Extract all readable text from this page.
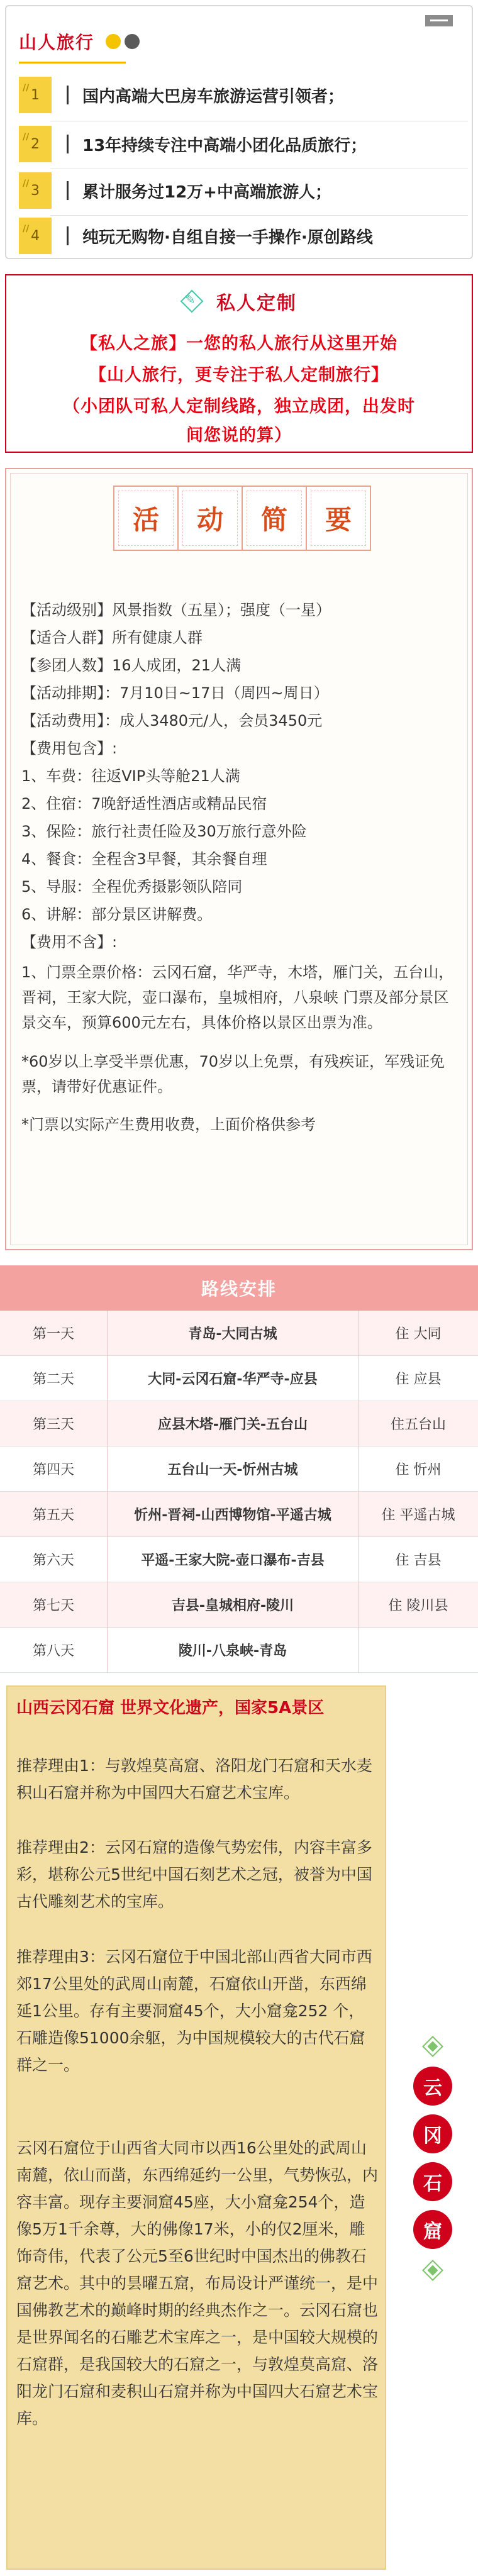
山人旅行
// 1	国内高端大巴房车旅游运营引领者；
// 2	13年持续专注中高端小团化品质旅行；
// 3	累计服务过12万+中高端旅游人；
// 4	纯玩无购物·自组自接一手操作·原创路线
✎ 私人定制
【私人之旅】一您的私人旅行从这里开始
【山人旅行，更专注于私人定制旅行】
（小团队可私人定制线路，独立成团，出发时
间您说的算）
活	动	简	要
【活动级别】风景指数（五星）；强度（一星）
【适合人群】所有健康人群
【参团人数】16人成团，21人满
【活动排期】：7月10日~17日（周四~周日）
【活动费用】：成人3480元/人，会员3450元
【费用包含】:
1、车费：往返VIP头等舱21人满
2、住宿：7晚舒适性酒店或精品民宿
3、保险：旅行社责任险及30万旅行意外险
4、餐食：全程含3早餐，其余餐自理
5、导服：全程优秀摄影领队陪同
6、讲解：部分景区讲解费。
【费用不含】:
1、门票全票价格：云冈石窟，华严寺，木塔，雁门关，五台山，晋祠，王家大院，壶口瀑布，皇城相府，八泉峡 门票及部分景区景交车，预算600元左右，具体价格以景区出票为准。
*60岁以上享受半票优惠，70岁以上免票，有残疾证，军残证免票，请带好优惠证件。
*门票以实际产生费用收费，上面价格供参考
路线安排
第一天	青岛-大同古城	住 大同
第二天	大同-云冈石窟-华严寺-应县	住 应县
第三天	应县木塔-雁门关-五台山	住五台山
第四天	五台山一天-忻州古城	住 忻州
第五天	忻州-晋祠-山西博物馆-平遥古城	住 平遥古城
第六天	平遥-王家大院-壶口瀑布-吉县	住 吉县
第七天	吉县-皇城相府-陵川	住 陵川县
第八天	陵川-八泉峡-青岛
山西云冈石窟 世界文化遗产，国家5A景区
推荐理由1：与敦煌莫高窟、洛阳龙门石窟和天水麦积山石窟并称为中国四大石窟艺术宝库。
推荐理由2：云冈石窟的造像气势宏伟，内容丰富多彩，堪称公元5世纪中国石刻艺术之冠，被誉为中国古代雕刻艺术的宝库。
推荐理由3：云冈石窟位于中国北部山西省大同市西郊17公里处的武周山南麓，石窟依山开凿，东西绵延1公里。存有主要洞窟45个，大小窟龛252 个，石雕造像51000余躯，为中国规模较大的古代石窟群之一。
云冈石窟位于山西省大同市以西16公里处的武周山南麓，依山而凿，东西绵延约一公里，气势恢弘，内容丰富。现存主要洞窟45座，大小窟龛254个，造像5万1千余尊，大的佛像17米，小的仅2厘米，雕饰奇伟，代表了公元5至6世纪时中国杰出的佛教石窟艺术。其中的昙曜五窟，布局设计严谨统一，是中国佛教艺术的巅峰时期的经典杰作之一。云冈石窟也是世界闻名的石雕艺术宝库之一，是中国较大规模的石窟群，是我国较大的石窟之一，与敦煌莫高窟、洛阳龙门石窟和麦积山石窟并称为中国四大石窟艺术宝库。
云
冈
石
窟
